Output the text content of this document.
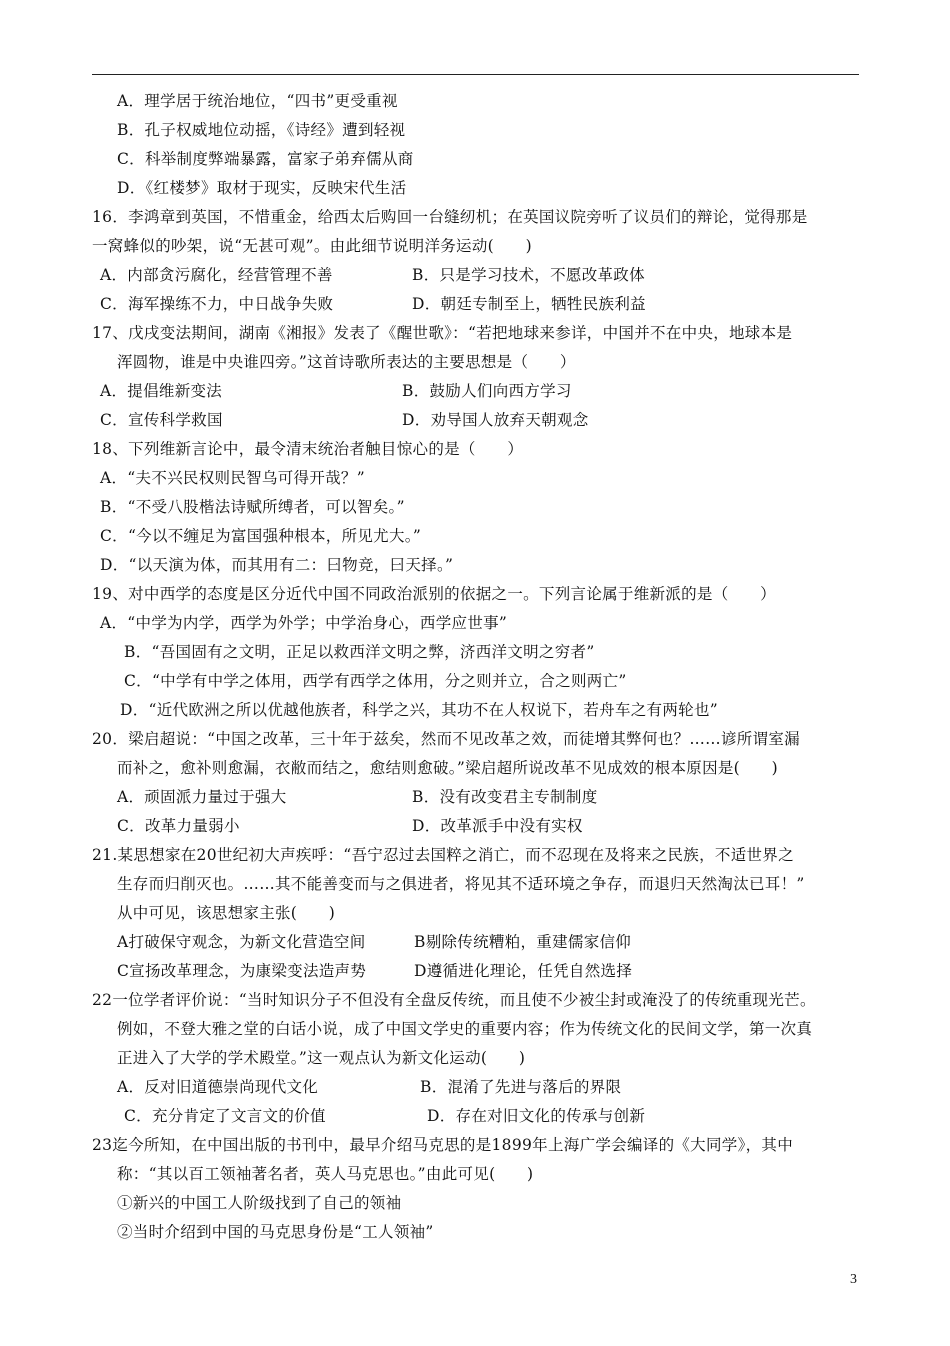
A．理学居于统治地位，“四书”更受重视
B．孔子权威地位动摇，《诗经》遭到轻视
C．科举制度弊端暴露，富家子弟弃儒从商
D．《红楼梦》取材于现实，反映宋代生活
16．李鸿章到英国，不惜重金，给西太后购回一台缝纫机；在英国议院旁听了议员们的辩论，觉得那是
一窝蜂似的吵架，说“无甚可观”。由此细节说明洋务运动(　　)
A．内部贪污腐化，经营管理不善	B．只是学习技术，不愿改革政体
C．海军操练不力，中日战争失败	D．朝廷专制至上，牺牲民族利益
17、戊戌变法期间，湖南《湘报》发表了《醒世歌》：“若把地球来参详，中国并不在中央，地球本是
浑圆物，谁是中央谁四旁。”这首诗歌所表达的主要思想是（　　）
A．提倡维新变法	B．鼓励人们向西方学习
C．宣传科学救国	D．劝导国人放弃天朝观念
18、下列维新言论中，最令清末统治者触目惊心的是（　　）
A．“夫不兴民权则民智乌可得开哉？”
B．“不受八股楷法诗赋所缚者，可以智矣。”
C．“今以不缠足为富国强种根本，所见尤大。”
D．“以天演为体，而其用有二：曰物竞，曰天择。”
19、对中西学的态度是区分近代中国不同政治派别的依据之一。下列言论属于维新派的是（　　）
A．“中学为内学，西学为外学；中学治身心，西学应世事”
B．“吾国固有之文明，正足以救西洋文明之弊，济西洋文明之穷者”
C．“中学有中学之体用，西学有西学之体用，分之则并立，合之则两亡”
D．“近代欧洲之所以优越他族者，科学之兴，其功不在人权说下，若舟车之有两轮也”
20．梁启超说：“中国之改革，三十年于兹矣，然而不见改革之效，而徒增其弊何也？……谚所谓室漏
而补之，愈补则愈漏，衣敝而结之，愈结则愈破。”梁启超所说改革不见成效的根本原因是(　　)
A．顽固派力量过于强大	B．没有改变君主专制制度
C．改革力量弱小	D．改革派手中没有实权
21.某思想家在20世纪初大声疾呼：“吾宁忍过去国粹之消亡，而不忍现在及将来之民族，不适世界之
生存而归削灭也。……其不能善变而与之俱进者，将见其不适环境之争存，而退归天然淘汰已耳！”
从中可见，该思想家主张(　　)
A打破保守观念，为新文化营造空间	B剔除传统糟粕，重建儒家信仰
C宣扬改革理念，为康梁变法造声势	D遵循进化理论，任凭自然选择
22一位学者评价说：“当时知识分子不但没有全盘反传统，而且使不少被尘封或淹没了的传统重现光芒。
例如，不登大雅之堂的白话小说，成了中国文学史的重要内容；作为传统文化的民间文学，第一次真
正进入了大学的学术殿堂。”这一观点认为新文化运动(　　)
A．反对旧道德崇尚现代文化	B．混淆了先进与落后的界限
C．充分肯定了文言文的价值	D．存在对旧文化的传承与创新
23迄今所知，在中国出版的书刊中，最早介绍马克思的是1899年上海广学会编译的《大同学》，其中
称：“其以百工领袖著名者，英人马克思也。”由此可见(　　)
①新兴的中国工人阶级找到了自己的领袖
②当时介绍到中国的马克思身份是“工人领袖”
3
